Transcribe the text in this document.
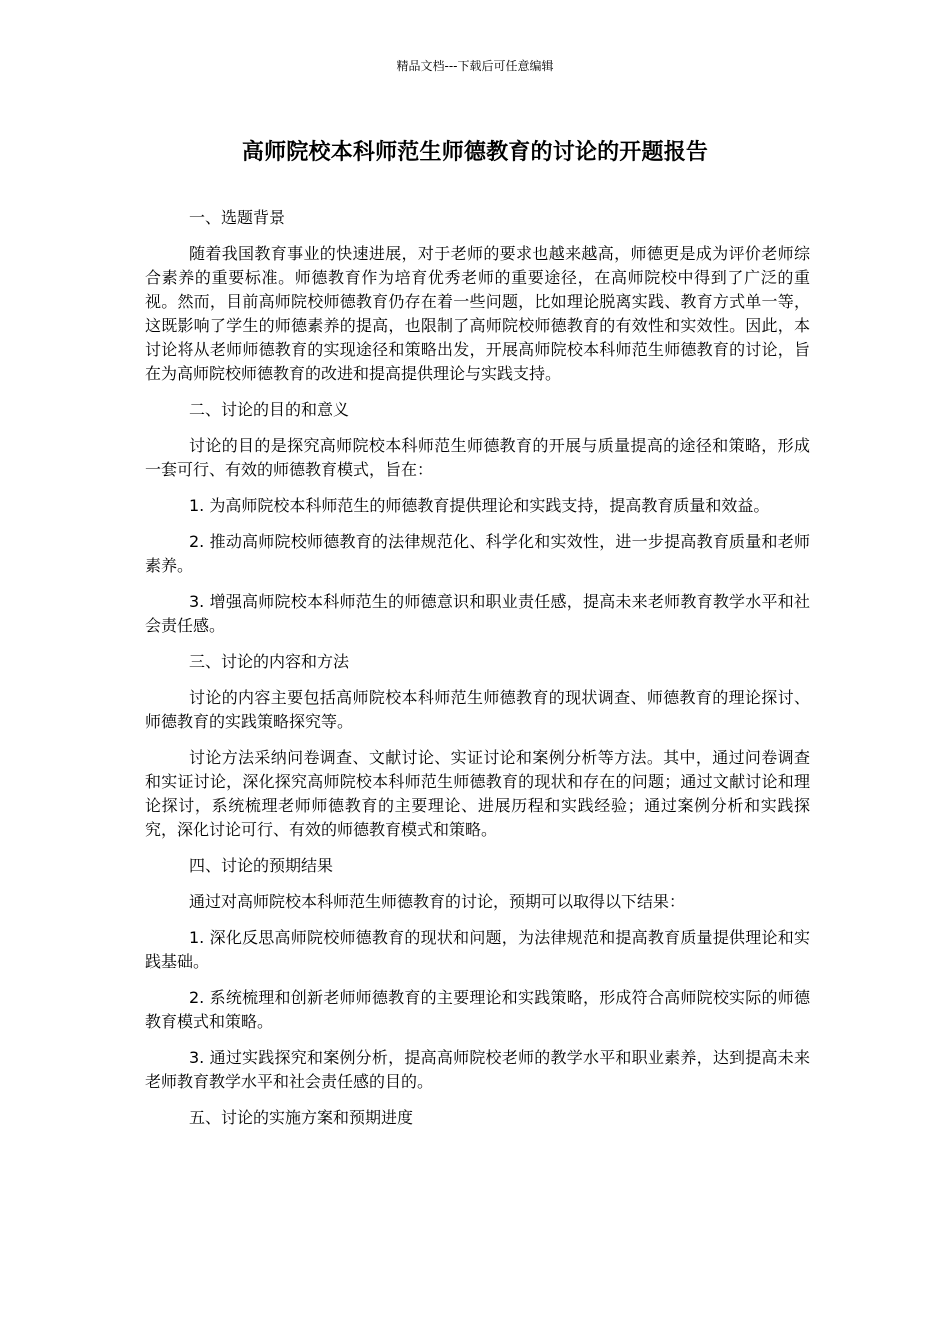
精品文档---下载后可任意编辑
高师院校本科师范生师德教育的讨论的开题报告
一、选题背景
随着我国教育事业的快速进展，对于老师的要求也越来越高，师德更是成为评价老师综合素养的重要标准。师德教育作为培育优秀老师的重要途径，在高师院校中得到了广泛的重视。然而，目前高师院校师德教育仍存在着一些问题，比如理论脱离实践、教育方式单一等，这既影响了学生的师德素养的提高，也限制了高师院校师德教育的有效性和实效性。因此，本讨论将从老师师德教育的实现途径和策略出发，开展高师院校本科师范生师德教育的讨论，旨在为高师院校师德教育的改进和提高提供理论与实践支持。
二、讨论的目的和意义
讨论的目的是探究高师院校本科师范生师德教育的开展与质量提高的途径和策略，形成一套可行、有效的师德教育模式，旨在：
1. 为高师院校本科师范生的师德教育提供理论和实践支持，提高教育质量和效益。
2. 推动高师院校师德教育的法律规范化、科学化和实效性，进一步提高教育质量和老师素养。
3. 增强高师院校本科师范生的师德意识和职业责任感，提高未来老师教育教学水平和社会责任感。
三、讨论的内容和方法
讨论的内容主要包括高师院校本科师范生师德教育的现状调查、师德教育的理论探讨、师德教育的实践策略探究等。
讨论方法采纳问卷调查、文献讨论、实证讨论和案例分析等方法。其中，通过问卷调查和实证讨论，深化探究高师院校本科师范生师德教育的现状和存在的问题；通过文献讨论和理论探讨，系统梳理老师师德教育的主要理论、进展历程和实践经验；通过案例分析和实践探究，深化讨论可行、有效的师德教育模式和策略。
四、讨论的预期结果
通过对高师院校本科师范生师德教育的讨论，预期可以取得以下结果：
1. 深化反思高师院校师德教育的现状和问题，为法律规范和提高教育质量提供理论和实践基础。
2. 系统梳理和创新老师师德教育的主要理论和实践策略，形成符合高师院校实际的师德教育模式和策略。
3. 通过实践探究和案例分析，提高高师院校老师的教学水平和职业素养，达到提高未来老师教育教学水平和社会责任感的目的。
五、讨论的实施方案和预期进度
